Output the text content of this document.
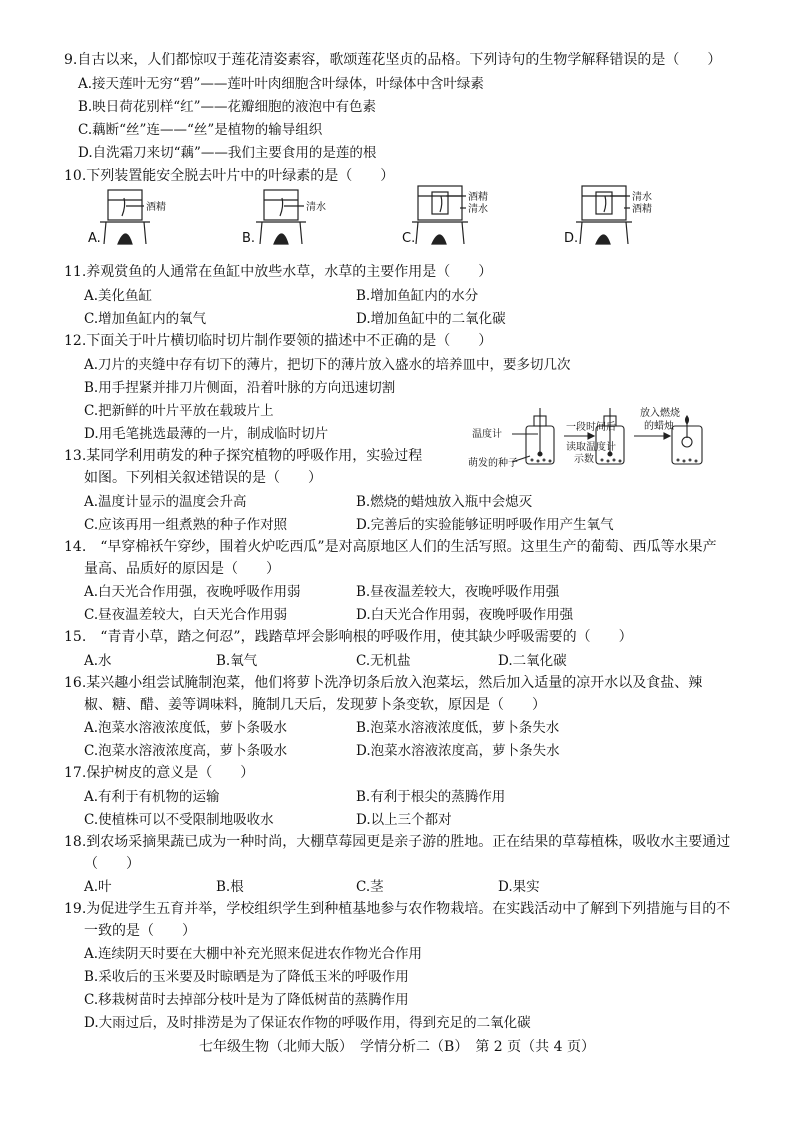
9.自古以来，人们都惊叹于莲花清姿素容，歌颂莲花坚贞的品格。下列诗句的生物学解释错误的是（　　）
A.接天莲叶无穷“碧”——莲叶叶肉细胞含叶绿体，叶绿体中含叶绿素
B.映日荷花别样“红”——花瓣细胞的液泡中有色素
C.藕断“丝”连——“丝”是植物的输导组织
D.自洗霜刀来切“藕”——我们主要食用的是莲的根
10.下列装置能安全脱去叶片中的叶绿素的是（　　）
A.
酒精
B.
清水
C.
酒精
清水
D.
清水
酒精
11.养观赏鱼的人通常在鱼缸中放些水草，水草的主要作用是（　　）
A.美化鱼缸	B.增加鱼缸内的水分
C.增加鱼缸内的氧气	D.增加鱼缸中的二氧化碳
12.下面关于叶片横切临时切片制作要领的描述中不正确的是（　　）
A.刀片的夹缝中存有切下的薄片，把切下的薄片放入盛水的培养皿中，要多切几次
B.用手捏紧并排刀片侧面，沿着叶脉的方向迅速切割
C.把新鲜的叶片平放在载玻片上
D.用毛笔挑选最薄的一片，制成临时切片	温度计
萌发的种子
一段时间后
读取温度计
示数
放入燃烧
的蜡烛
13.某同学利用萌发的种子探究植物的呼吸作用，实验过程
如图。下列相关叙述错误的是（　　）
A.温度计显示的温度会升高	B.燃烧的蜡烛放入瓶中会熄灭
C.应该再用一组煮熟的种子作对照	D.完善后的实验能够证明呼吸作用产生氧气
14.　“早穿棉袄午穿纱，围着火炉吃西瓜”是对高原地区人们的生活写照。这里生产的葡萄、西瓜等水果产
量高、品质好的原因是（　　）
A.白天光合作用强，夜晚呼吸作用弱	B.昼夜温差较大，夜晚呼吸作用强
C.昼夜温差较大，白天光合作用弱	D.白天光合作用弱，夜晚呼吸作用强
15.　“青青小草，踏之何忍”，践踏草坪会影响根的呼吸作用，使其缺少呼吸需要的（　　）
A.水	B.氧气	C.无机盐	D.二氧化碳
16.某兴趣小组尝试腌制泡菜，他们将萝卜洗净切条后放入泡菜坛，然后加入适量的凉开水以及食盐、辣
椒、糖、醋、姜等调味料，腌制几天后，发现萝卜条变软，原因是（　　）
A.泡菜水溶液浓度低，萝卜条吸水	B.泡菜水溶液浓度低，萝卜条失水
C.泡菜水溶液浓度高，萝卜条吸水	D.泡菜水溶液浓度高，萝卜条失水
17.保护树皮的意义是（　　）
A.有利于有机物的运输	B.有利于根尖的蒸腾作用
C.使植株可以不受限制地吸收水	D.以上三个都对
18.到农场采摘果蔬已成为一种时尚，大棚草莓园更是亲子游的胜地。正在结果的草莓植株，吸收水主要通过
（　　）
A.叶	B.根	C.茎	D.果实
19.为促进学生五育并举，学校组织学生到种植基地参与农作物栽培。在实践活动中了解到下列措施与目的不
一致的是（　　）
A.连续阴天时要在大棚中补充光照来促进农作物光合作用
B.采收后的玉米要及时晾晒是为了降低玉米的呼吸作用
C.移栽树苗时去掉部分枝叶是为了降低树苗的蒸腾作用
D.大雨过后，及时排涝是为了保证农作物的呼吸作用，得到充足的二氧化碳
七年级生物（北师大版）　学情分析二（B）　第 2 页（共 4 页）
